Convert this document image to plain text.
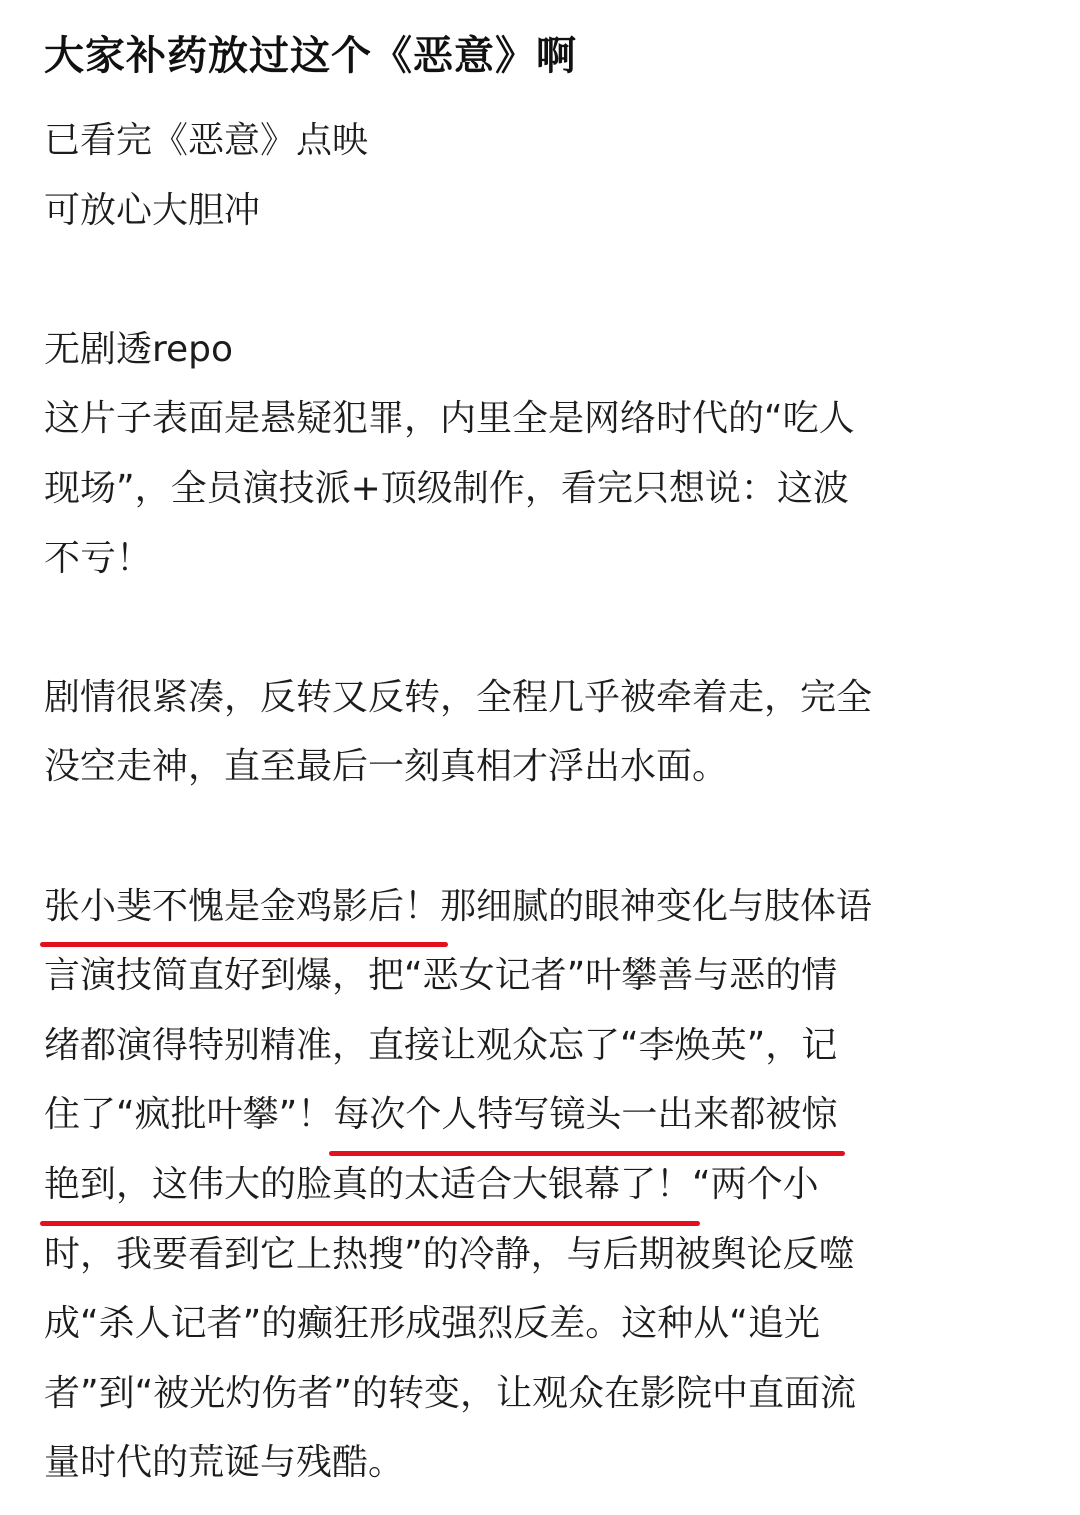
大家补药放过这个《恶意》啊

已看完《恶意》点映

可放心大胆冲

无剧透repo

这片子表面是悬疑犯罪，内里全是网络时代的“吃人

现场”，全员演技派+顶级制作，看完只想说：这波

不亏！

剧情很紧凑，反转又反转，全程几乎被牵着走，完全

没空走神，直至最后一刻真相才浮出水面。

张小斐不愧是金鸡影后！那细腻的眼神变化与肢体语

言演技简直好到爆，把“恶女记者”叶攀善与恶的情

绪都演得特别精准，直接让观众忘了“李焕英”，记

住了“疯批叶攀”！每次个人特写镜头一出来都被惊

艳到，这伟大的脸真的太适合大银幕了！“两个小

时，我要看到它上热搜”的冷静，与后期被舆论反噬

成“杀人记者”的癫狂形成强烈反差。这种从“追光

者”到“被光灼伤者”的转变，让观众在影院中直面流

量时代的荒诞与残酷。
